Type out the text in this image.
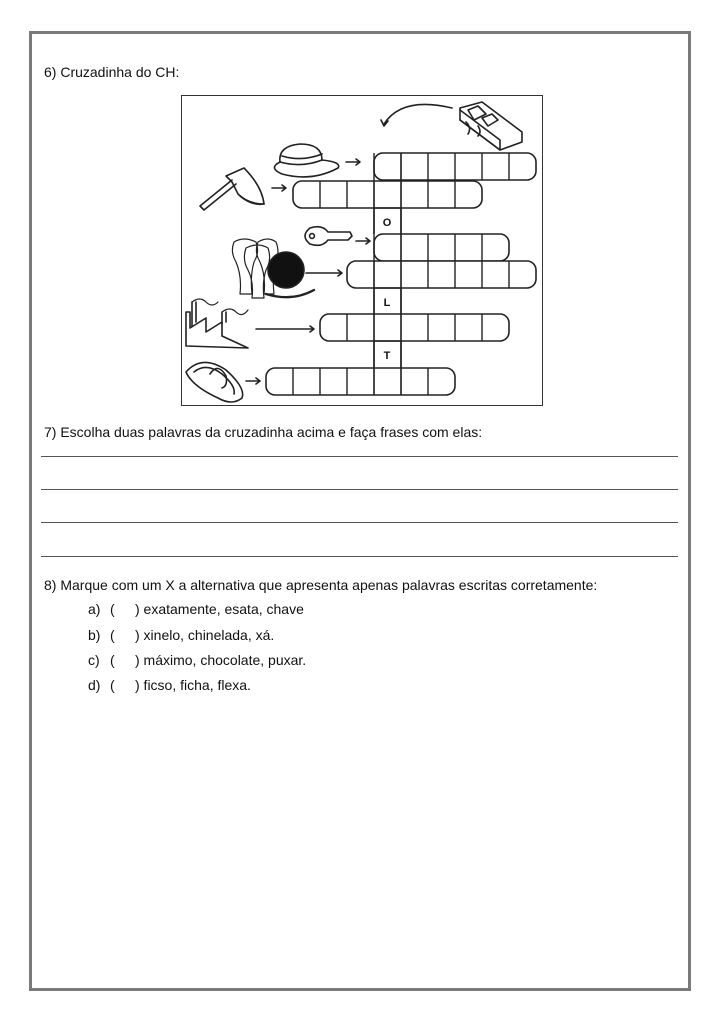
6) Cruzadinha do CH:
O
L
T
7) Escolha duas palavras da cruzadinha acima e faça frases com elas:
8) Marque com um X a alternativa que apresenta apenas palavras escritas corretamente:
a) ( ) exatamente, esata, chave
b) ( ) xinelo, chinelada, xá.
c) ( ) máximo, chocolate, puxar.
d) ( ) ficso, ficha, flexa.
